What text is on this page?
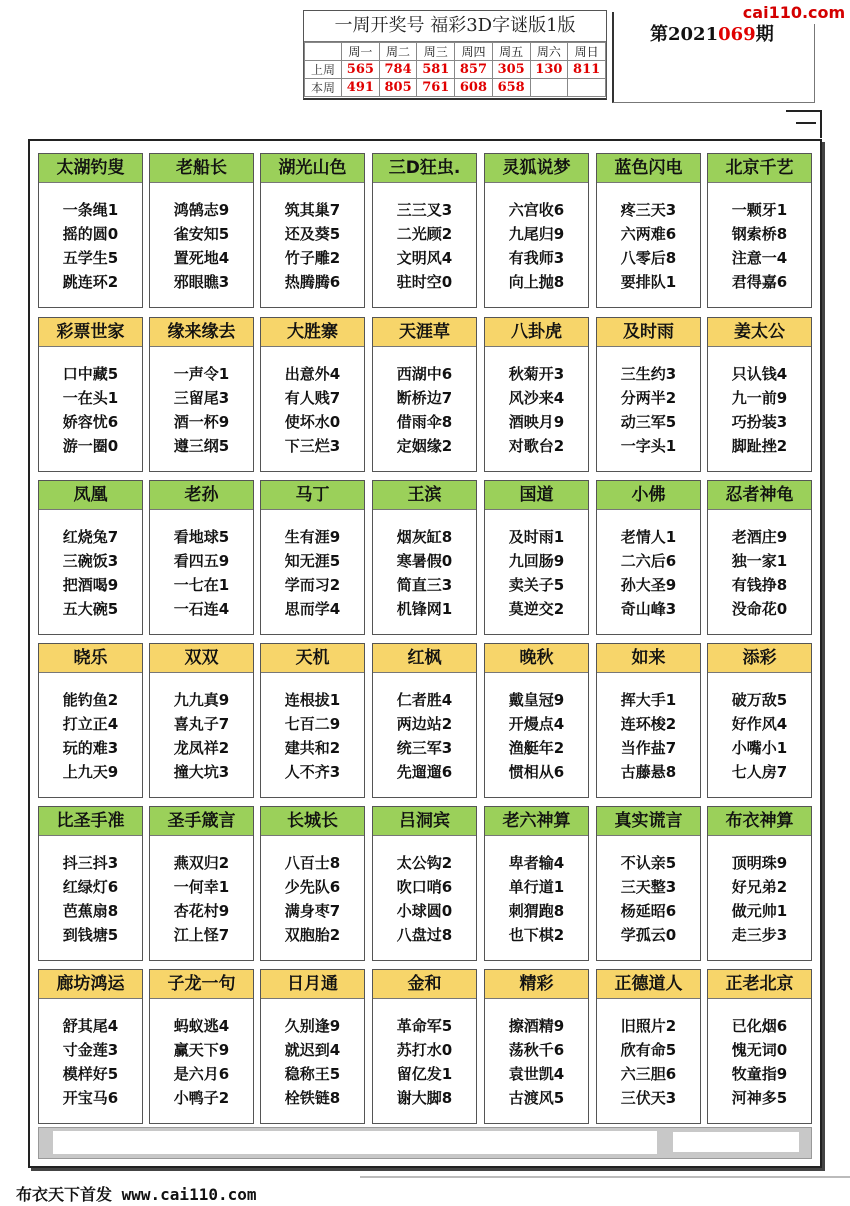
一周开奖号 福彩3D字谜版1版
	周一	周二	周三	周四	周五	周六	周日
上周	565	784	581	857	305	130	811
本周	491	805	761	608	658		
第2021069期
cai110.com
太湖钓叟
一条绳1
摇的圆0
五学生5
跳连环2
老船长
鸿鹄志9
雀安知5
置死地4
邪眼瞧3
湖光山色
筑其巢7
还及葵5
竹子雕2
热腾腾6
三D狂虫.
三三叉3
二光顾2
文明风4
驻时空0
灵狐说梦
六宫收6
九尾归9
有我师3
向上抛8
蓝色闪电
疼三天3
六两难6
八零后8
要排队1
北京千艺
一颗牙1
钢索桥8
注意一4
君得嘉6
彩票世家
口中藏5
一在头1
娇容忧6
游一圈0
缘来缘去
一声令1
三留尾3
酒一杯9
遵三纲5
大胜寨
出意外4
有人贱7
使坏水0
下三烂3
天涯草
西湖中6
断桥边7
借雨伞8
定姻缘2
八卦虎
秋菊开3
风沙来4
酒映月9
对歌台2
及时雨
三生约3
分两半2
动三军5
一字头1
姜太公
只认钱4
九一前9
巧扮装3
脚趾挫2
凤凰
红烧兔7
三碗饭3
把酒喝9
五大碗5
老孙
看地球5
看四五9
一七在1
一石连4
马丁
生有涯9
知无涯5
学而习2
思而学4
王滨
烟灰缸8
寒暑假0
简直三3
机锋网1
国道
及时雨1
九回肠9
卖关子5
莫逆交2
小佛
老情人1
二六后6
孙大圣9
奇山峰3
忍者神龟
老酒庄9
独一家1
有钱挣8
没命花0
晓乐
能钓鱼2
打立正4
玩的难3
上九天9
双双
九九真9
喜丸子7
龙凤祥2
撞大坑3
天机
连根拔1
七百二9
建共和2
人不齐3
红枫
仁者胜4
两边站2
统三军3
先遛遛6
晚秋
戴皇冠9
开熳点4
渔艇年2
惯相从6
如来
挥大手1
连环梭2
当作盐7
古藤悬8
添彩
破万敌5
好作风4
小嘴小1
七人房7
比圣手准
抖三抖3
红绿灯6
芭蕉扇8
到钱塘5
圣手箴言
燕双归2
一何幸1
杏花村9
江上怪7
长城长
八百士8
少先队6
满身枣7
双胞胎2
吕洞宾
太公钩2
吹口哨6
小球圆0
八盘过8
老六神算
卑者输4
单行道1
刺猬跑8
也下棋2
真实谎言
不认亲5
三天整3
杨延昭6
学孤云0
布衣神算
顶明珠9
好兄弟2
做元帅1
走三步3
廊坊鸿运
舒其尾4
寸金莲3
模样好5
开宝马6
子龙一句
蚂蚁逃4
赢天下9
是六月6
小鸭子2
日月通
久别逢9
就迟到4
稳称王5
栓铁链8
金和
革命军5
苏打水0
留亿发1
谢大脚8
精彩
擦酒精9
荡秋千6
袁世凯4
古渡风5
正德道人
旧照片2
欣有命5
六三胆6
三伏天3
正老北京
已化烟6
愧无词0
牧童指9
河神多5
布衣天下首发 www.cai110.com
